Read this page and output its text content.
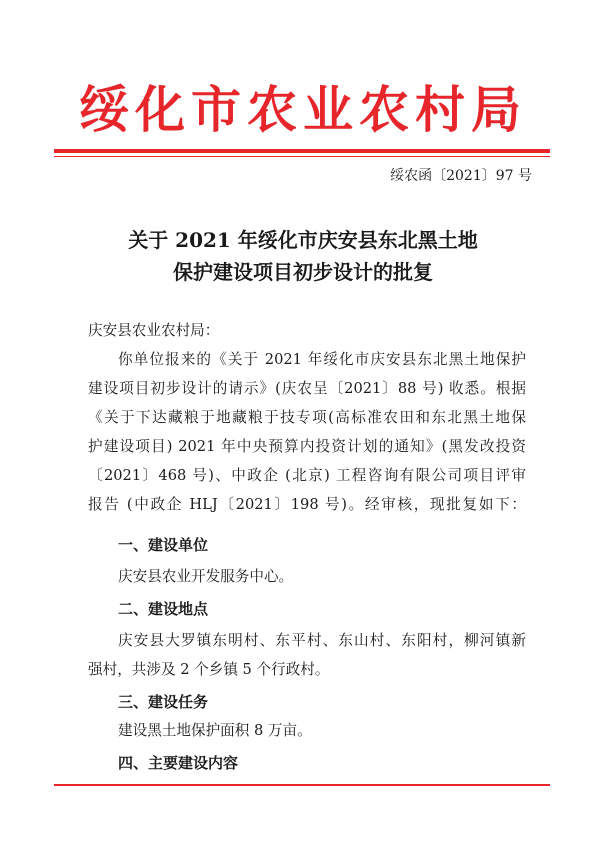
绥化市农业农村局
绥农函〔2021〕97 号
关于 2021 年绥化市庆安县东北黑土地
保护建设项目初步设计的批复
庆安县农业农村局：
你单位报来的《关于 2021 年绥化市庆安县东北黑土地保护
建设项目初步设计的请示》(庆农呈〔2021〕88 号) 收悉。根据
《关于下达藏粮于地藏粮于技专项(高标准农田和东北黑土地保
护建设项目) 2021 年中央预算内投资计划的通知》(黑发改投资
〔2021〕468 号)、中政企 (北京) 工程咨询有限公司项目评审
报告 (中政企 HLJ〔2021〕198 号)。经审核，现批复如下：
一、建设单位
庆安县农业开发服务中心。
二、建设地点
庆安县大罗镇东明村、东平村、东山村、东阳村，柳河镇新
强村，共涉及 2 个乡镇 5 个行政村。
三、建设任务
建设黑土地保护面积 8 万亩。
四、主要建设内容
